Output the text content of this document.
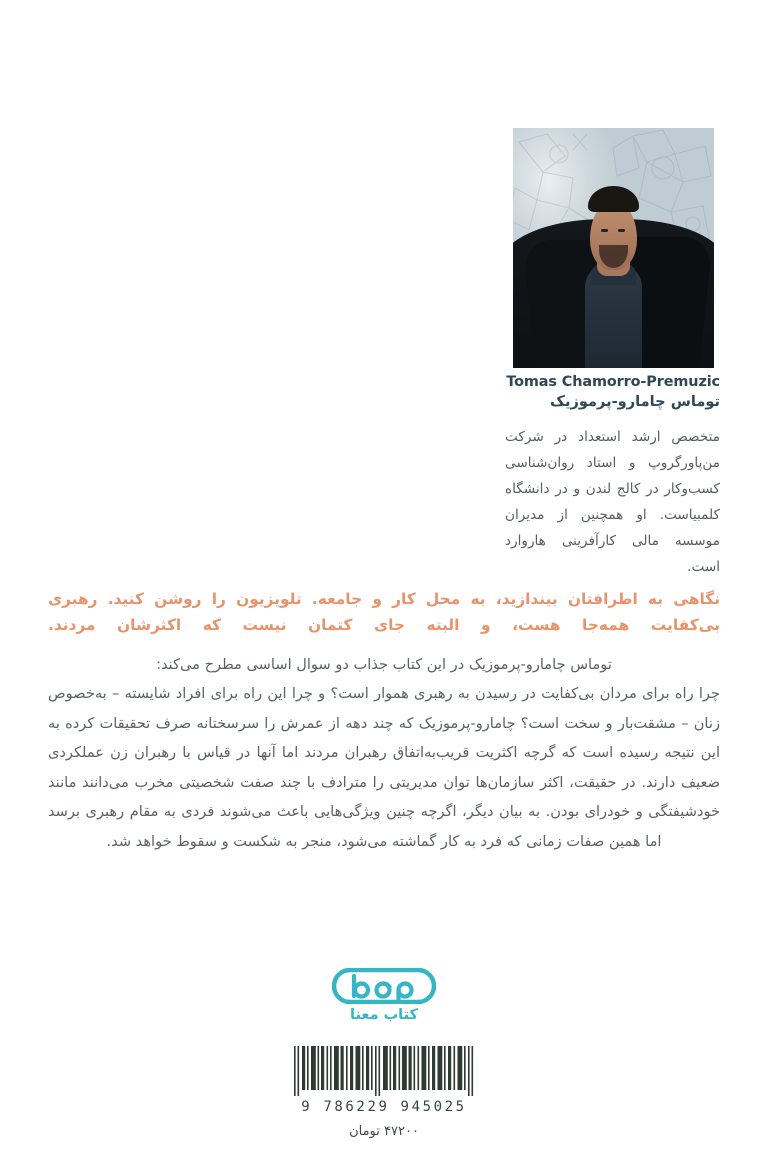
Tomas Chamorro-Premuzic
توماس چامارو-پرموزیک
متخصص ارشد استعداد در شرکت من‌پاورگروپ و استاد روان‌شناسی کسب‌وکار در کالج لندن و در دانشگاه کلمبیاست. او همچنین از مدیران موسسه مالی کارآفرینی هاروارد است.
نگاهی به اطرافتان بیندازید، به محل کار و جامعه. تلویزیون را روشن کنید. رهبری بی‌کفایت همه‌جا هست، و البته جای کتمان نیست که اکثرشان مردند.

توماس چامارو-پرموزیک در این کتاب جذاب دو سوال اساسی مطرح می‌کند:

چرا راه برای مردان بی‌کفایت در رسیدن به رهبری هموار است؟ و چرا این راه برای افراد شایسته – به‌خصوص زنان – مشقت‌بار و سخت است؟ چامارو-پرموزیک که چند دهه از عمرش را سرسختانه صرف تحقیقات کرده به این نتیجه رسیده است که گرچه اکثریت قریب‌به‌اتفاق رهبران مردند اما آنها در قیاس با رهبران زن عملکردی ضعیف دارند. در حقیقت، اکثر سازمان‌ها توان مدیریتی را مترادف با چند صفت شخصیتی مخرب می‌دانند مانند خودشیفتگی و خودرای بودن. به بیان دیگر، اگرچه چنین ویژگی‌هایی باعث می‌شوند فردی به مقام رهبری برسد اما همین صفات زمانی که فرد به کار گماشته می‌شود، منجر به شکست و سقوط خواهد شد.

کتاب معنا
9 786229 945025
۴۷۲۰۰ تومان
